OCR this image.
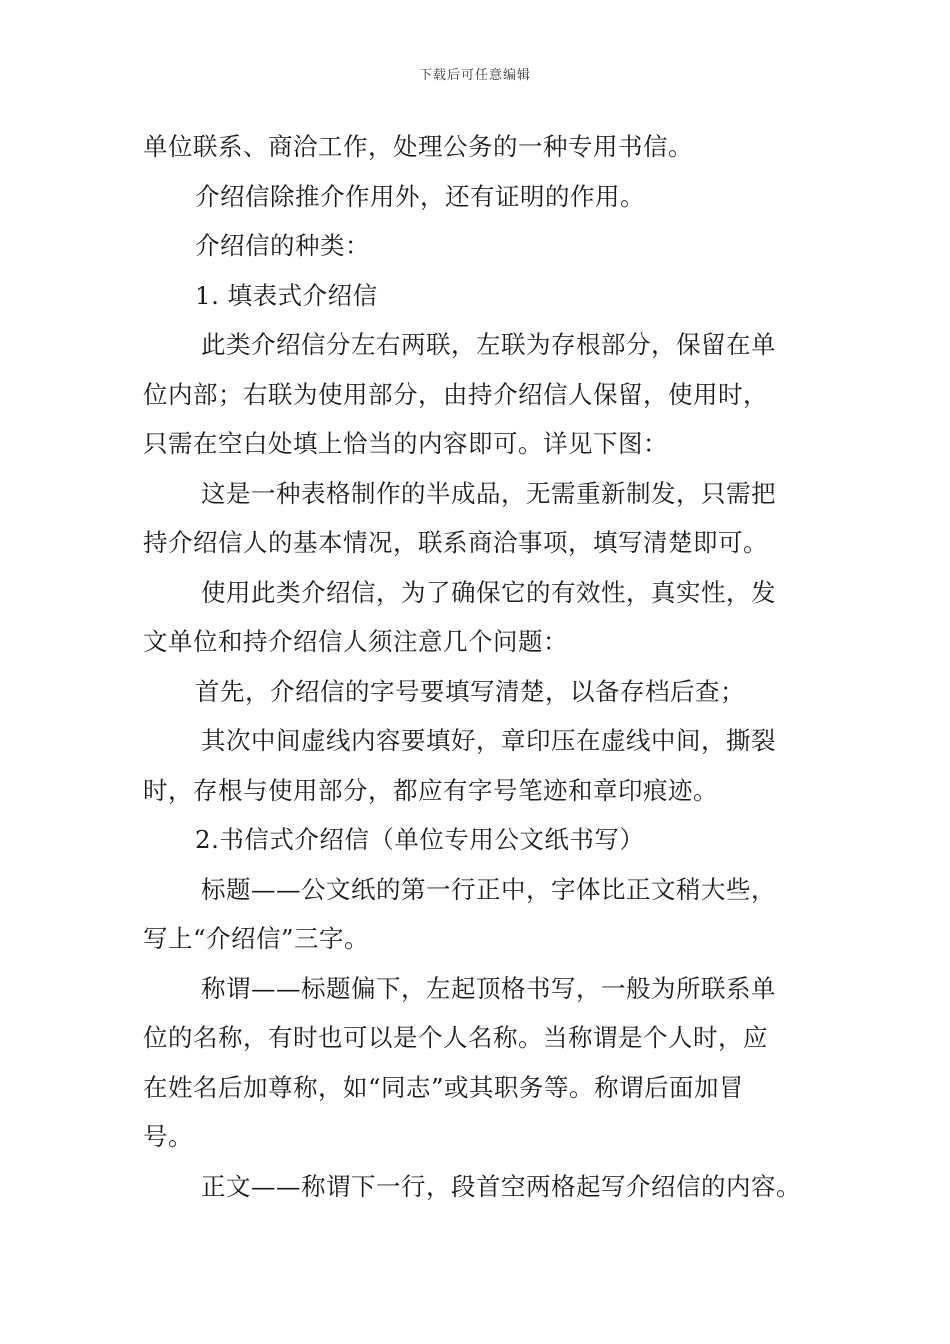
下载后可任意编辑
单位联系、商洽工作，处理公务的一种专用书信。
介绍信除推介作用外，还有证明的作用。
介绍信的种类：
1. 填表式介绍信
此类介绍信分左右两联，左联为存根部分，保留在单
位内部；右联为使用部分，由持介绍信人保留，使用时，
只需在空白处填上恰当的内容即可。详见下图：
这是一种表格制作的半成品，无需重新制发，只需把
持介绍信人的基本情况，联系商洽事项，填写清楚即可。
使用此类介绍信，为了确保它的有效性，真实性，发
文单位和持介绍信人须注意几个问题：
首先，介绍信的字号要填写清楚，以备存档后查；
其次中间虚线内容要填好，章印压在虚线中间，撕裂
时，存根与使用部分，都应有字号笔迹和章印痕迹。
2.书信式介绍信（单位专用公文纸书写）
标题——公文纸的第一行正中，字体比正文稍大些，
写上“介绍信”三字。
称谓——标题偏下，左起顶格书写，一般为所联系单
位的名称，有时也可以是个人名称。当称谓是个人时，应
在姓名后加尊称，如“同志”或其职务等。称谓后面加冒
号。
正文——称谓下一行，段首空两格起写介绍信的内容。
